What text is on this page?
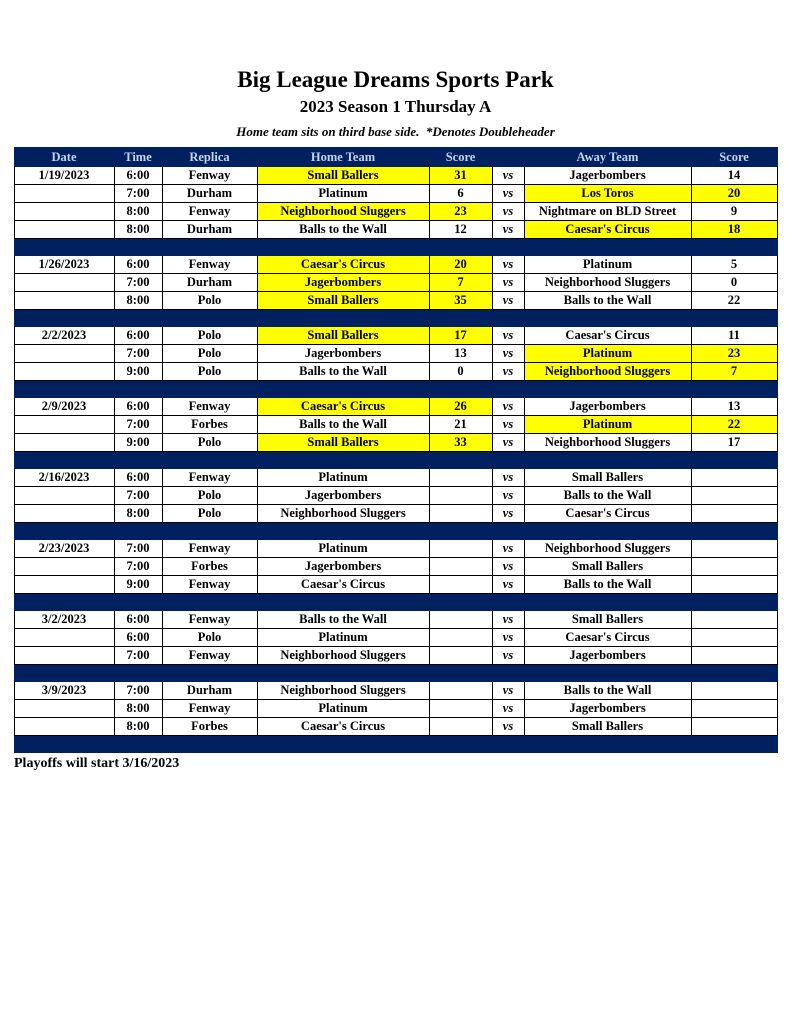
Big League Dreams Sports Park
2023 Season 1 Thursday A
Home team sits on third base side.  *Denotes Doubleheader
Date	Time	Replica	Home Team	Score		Away Team	Score
1/19/2023	6:00	Fenway	Small Ballers	31	vs	Jagerbombers	14
	7:00	Durham	Platinum	6	vs	Los Toros	20
	8:00	Fenway	Neighborhood Sluggers	23	vs	Nightmare on BLD Street	9
	8:00	Durham	Balls to the Wall	12	vs	Caesar's Circus	18

1/26/2023	6:00	Fenway	Caesar's Circus	20	vs	Platinum	5
	7:00	Durham	Jagerbombers	7	vs	Neighborhood Sluggers	0
	8:00	Polo	Small Ballers	35	vs	Balls to the Wall	22

2/2/2023	6:00	Polo	Small Ballers	17	vs	Caesar's Circus	11
	7:00	Polo	Jagerbombers	13	vs	Platinum	23
	9:00	Polo	Balls to the Wall	0	vs	Neighborhood Sluggers	7

2/9/2023	6:00	Fenway	Caesar's Circus	26	vs	Jagerbombers	13
	7:00	Forbes	Balls to the Wall	21	vs	Platinum	22
	9:00	Polo	Small Ballers	33	vs	Neighborhood Sluggers	17

2/16/2023	6:00	Fenway	Platinum		vs	Small Ballers	
	7:00	Polo	Jagerbombers		vs	Balls to the Wall	
	8:00	Polo	Neighborhood Sluggers		vs	Caesar's Circus	

2/23/2023	7:00	Fenway	Platinum		vs	Neighborhood Sluggers	
	7:00	Forbes	Jagerbombers		vs	Small Ballers	
	9:00	Fenway	Caesar's Circus		vs	Balls to the Wall	

3/2/2023	6:00	Fenway	Balls to the Wall		vs	Small Ballers	
	6:00	Polo	Platinum		vs	Caesar's Circus	
	7:00	Fenway	Neighborhood Sluggers		vs	Jagerbombers	

3/9/2023	7:00	Durham	Neighborhood Sluggers		vs	Balls to the Wall	
	8:00	Fenway	Platinum		vs	Jagerbombers	
	8:00	Forbes	Caesar's Circus		vs	Small Ballers	

Playoffs will start 3/16/2023
